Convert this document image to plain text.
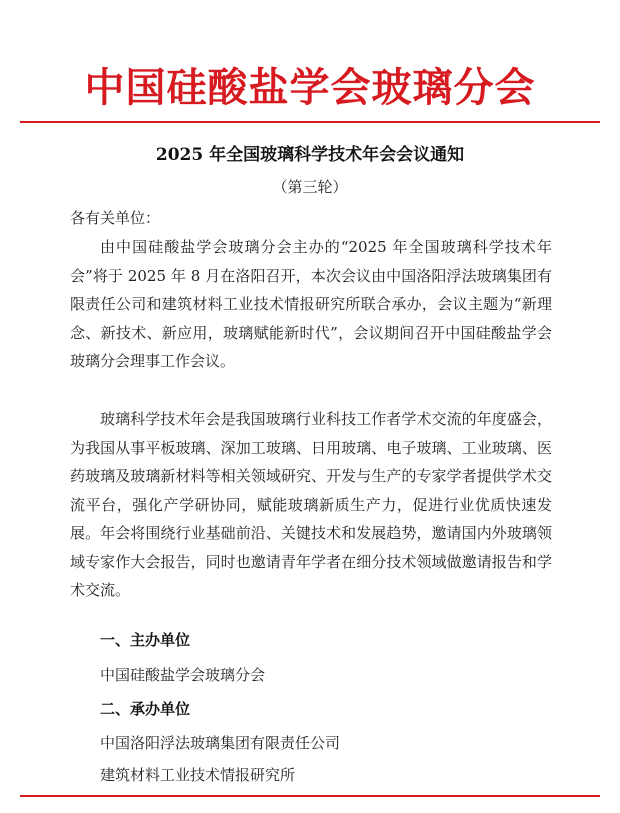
中国硅酸盐学会玻璃分会
2025 年全国玻璃科学技术年会会议通知
（第三轮）
各有关单位：
由中国硅酸盐学会玻璃分会主办的“2025 年全国玻璃科学技术年会”将于 2025 年 8 月在洛阳召开，本次会议由中国洛阳浮法玻璃集团有限责任公司和建筑材料工业技术情报研究所联合承办，会议主题为“新理念、新技术、新应用，玻璃赋能新时代”，会议期间召开中国硅酸盐学会玻璃分会理事工作会议。
玻璃科学技术年会是我国玻璃行业科技工作者学术交流的年度盛会，为我国从事平板玻璃、深加工玻璃、日用玻璃、电子玻璃、工业玻璃、医药玻璃及玻璃新材料等相关领域研究、开发与生产的专家学者提供学术交流平台，强化产学研协同，赋能玻璃新质生产力，促进行业优质快速发展。年会将围绕行业基础前沿、关键技术和发展趋势，邀请国内外玻璃领域专家作大会报告，同时也邀请青年学者在细分技术领域做邀请报告和学术交流。
一、主办单位
中国硅酸盐学会玻璃分会
二、承办单位
中国洛阳浮法玻璃集团有限责任公司
建筑材料工业技术情报研究所
